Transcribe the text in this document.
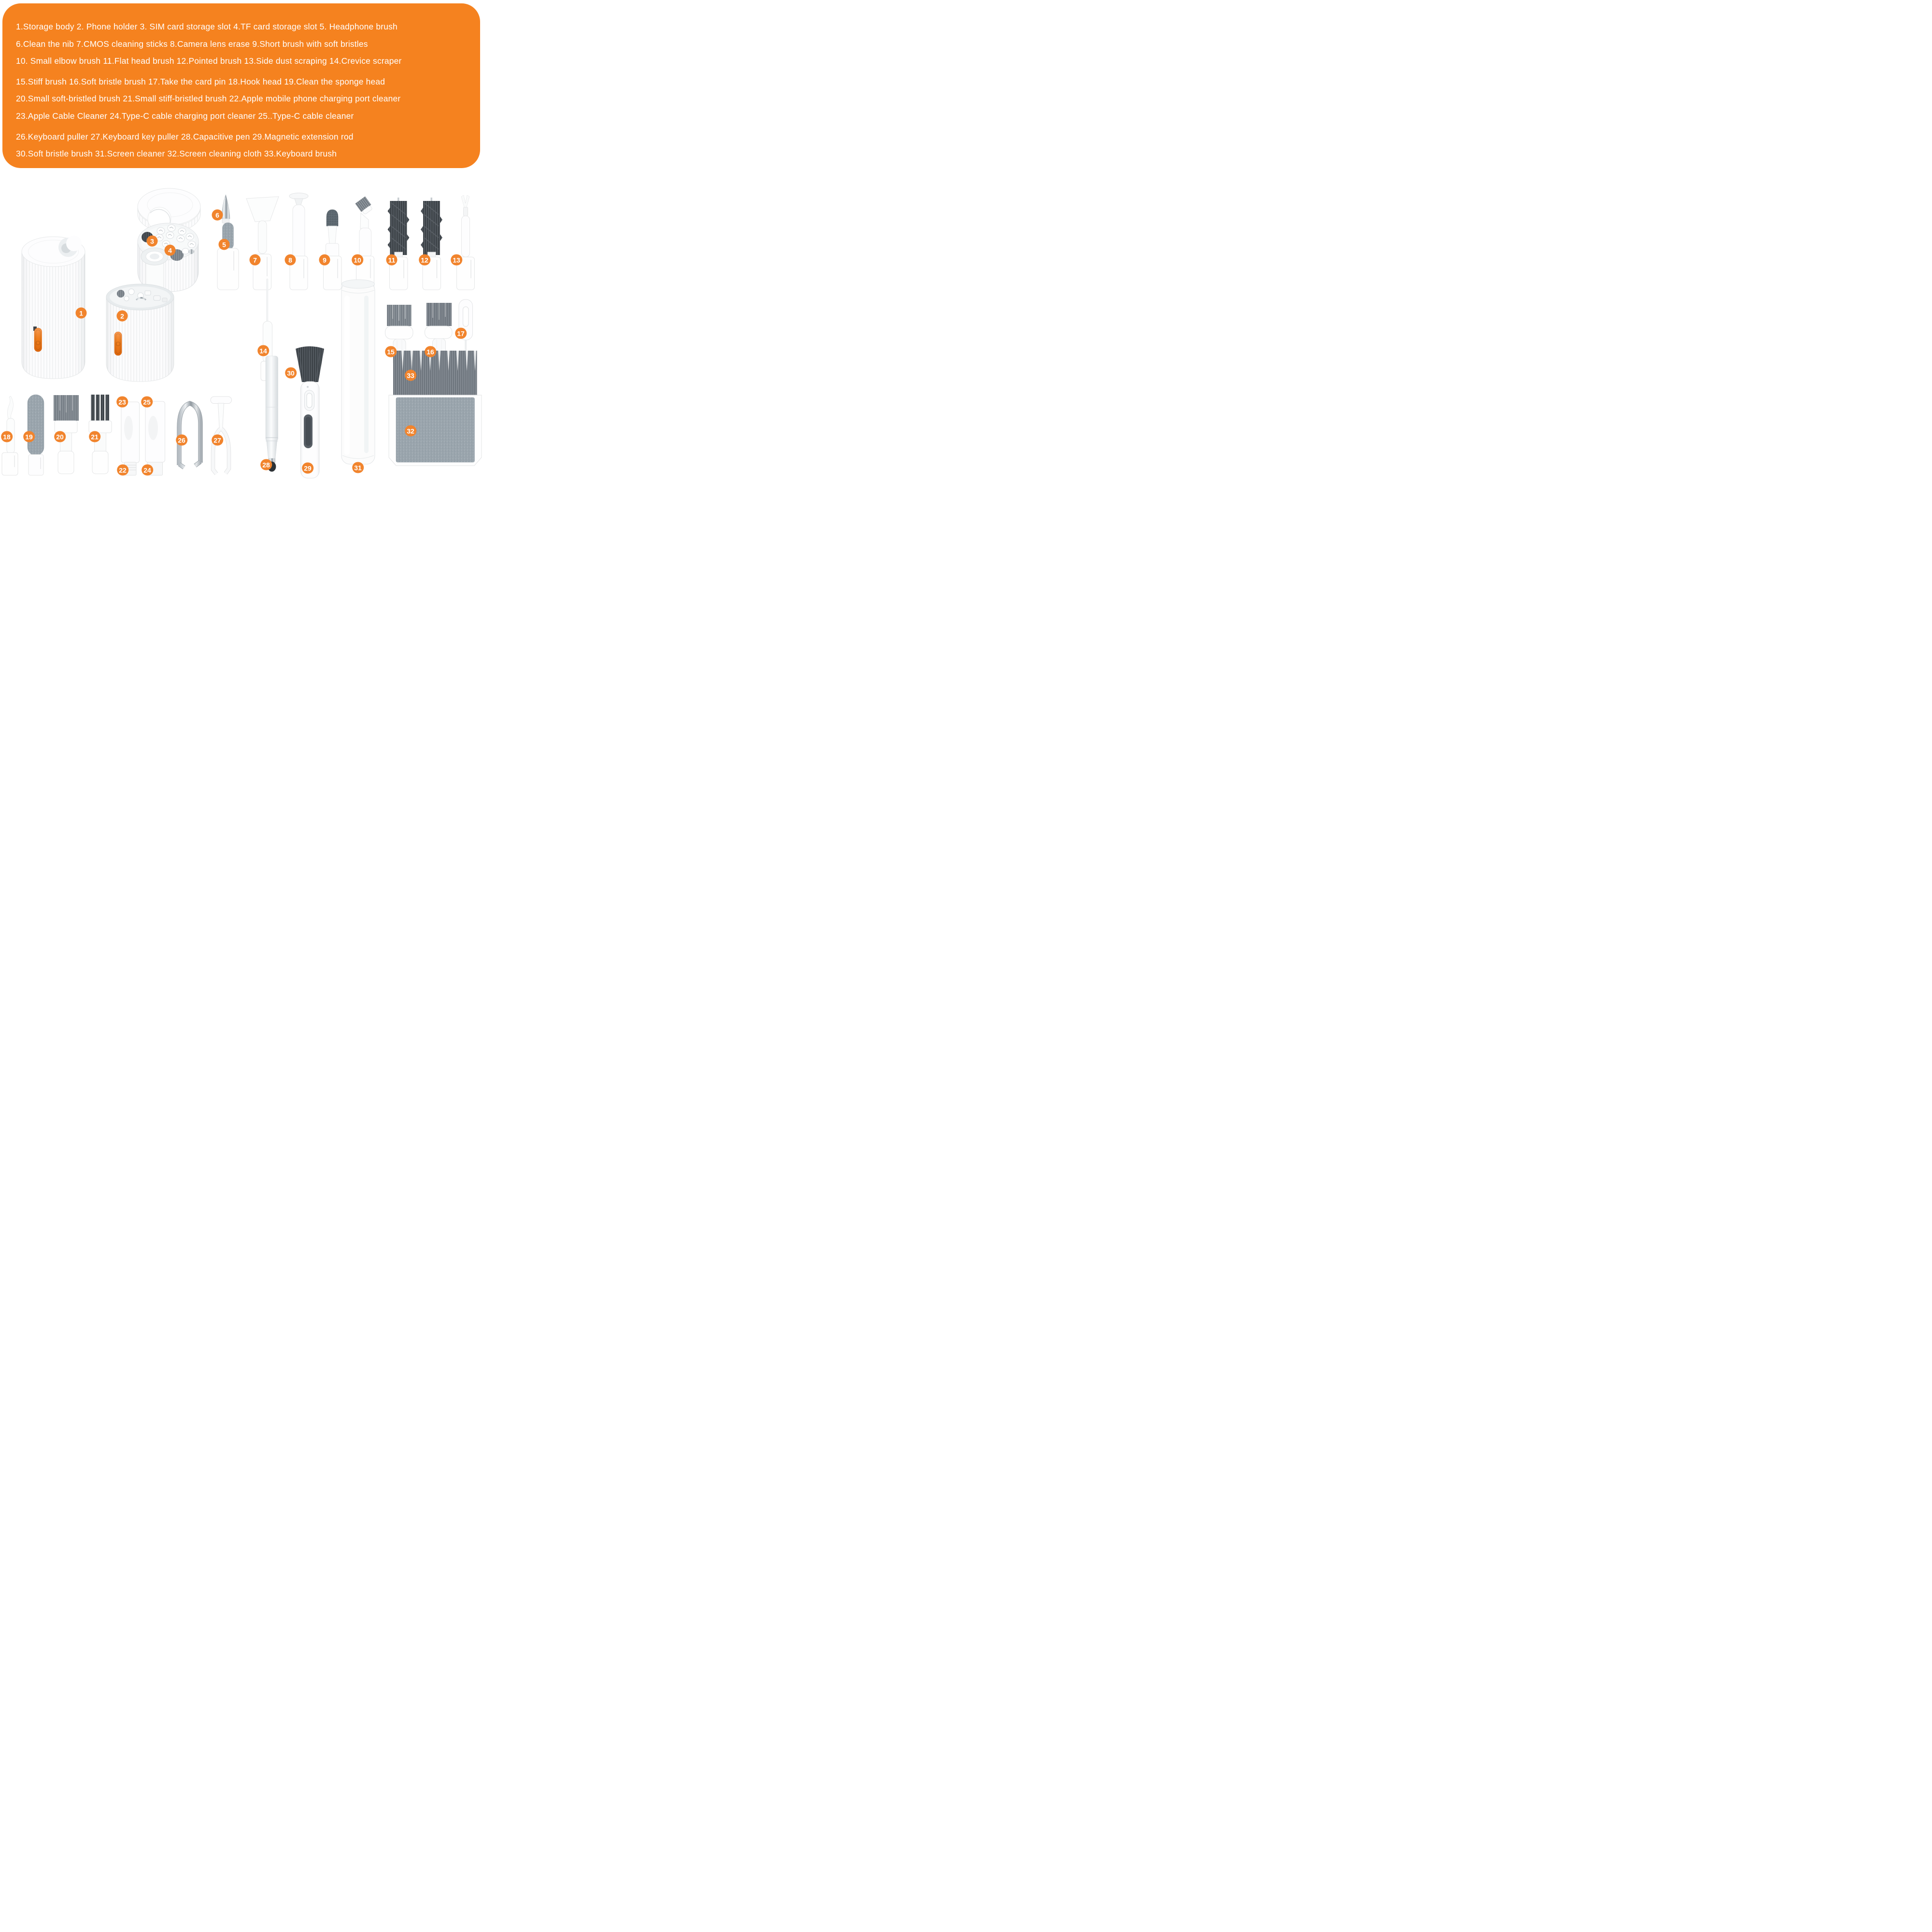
1.Storage body 2. Phone holder 3. SIM card storage slot 4.TF card storage slot 5. Headphone brush
6.Clean the nib 7.CMOS cleaning sticks 8.Camera lens erase 9.Short brush with soft bristles
10. Small elbow brush 11.Flat head brush 12.Pointed brush 13.Side dust scraping 14.Crevice scraper
15.Stiff brush 16.Soft bristle brush 17.Take the card pin 18.Hook head 19.Clean the sponge head
20.Small soft-bristled brush 21.Small stiff-bristled brush 22.Apple mobile phone charging port cleaner
23.Apple Cable Cleaner 24.Type-C cable charging port cleaner 25..Type-C cable cleaner
26.Keyboard puller 27.Keyboard key puller 28.Capacitive pen 29.Magnetic extension rod
30.Soft bristle brush 31.Screen cleaner 32.Screen cleaning cloth 33.Keyboard brush
1	2
3
4
5
6
7	8	9	10	11	12	13
14	15	16
17
18 19	20	21
22
23
24
25
26	27
28	29
30
31
32
33
